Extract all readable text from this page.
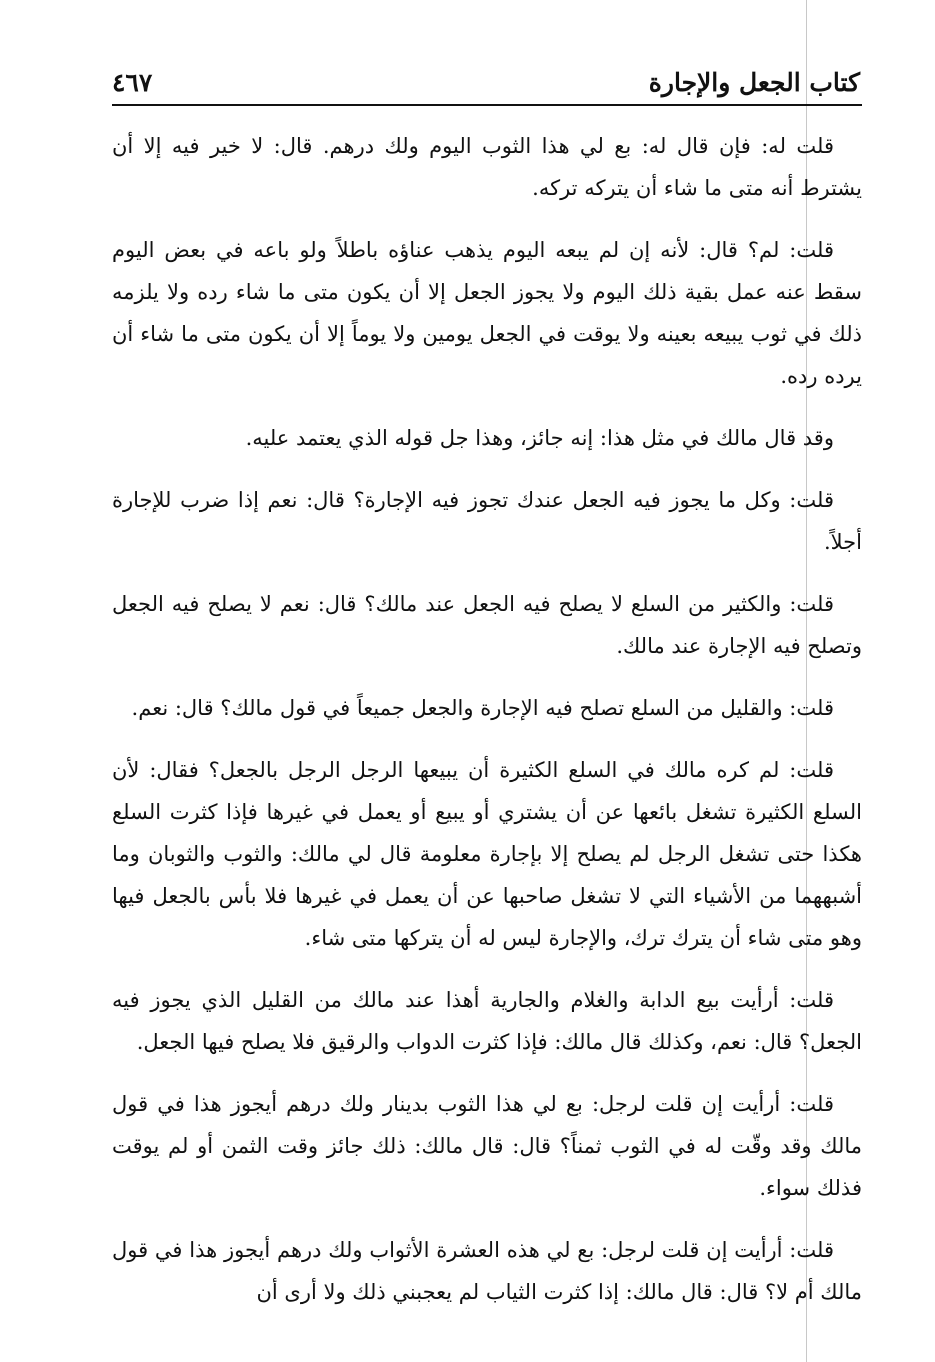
٤٦٧	كتاب الجعل والإجارة

قلت له: فإن قال له: بع لي هذا الثوب اليوم ولك درهم. قال: لا خير فيه إلا أن يشترط أنه متى ما شاء أن يتركه تركه.

قلت: لم؟ قال: لأنه إن لم يبعه اليوم يذهب عناؤه باطلاً ولو باعه في بعض اليوم سقط عنه عمل بقية ذلك اليوم ولا يجوز الجعل إلا أن يكون متى ما شاء رده ولا يلزمه ذلك في ثوب يبيعه بعينه ولا يوقت في الجعل يومين ولا يوماً إلا أن يكون متى ما شاء أن يرده رده.

وقد قال مالك في مثل هذا: إنه جائز، وهذا جل قوله الذي يعتمد عليه.

قلت: وكل ما يجوز فيه الجعل عندك تجوز فيه الإجارة؟ قال: نعم إذا ضرب للإجارة أجلاً.

قلت: والكثير من السلع لا يصلح فيه الجعل عند مالك؟ قال: نعم لا يصلح فيه الجعل وتصلح فيه الإجارة عند مالك.

قلت: والقليل من السلع تصلح فيه الإجارة والجعل جميعاً في قول مالك؟ قال: نعم.

قلت: لم كره مالك في السلع الكثيرة أن يبيعها الرجل الرجل بالجعل؟ فقال: لأن السلع الكثيرة تشغل بائعها عن أن يشتري أو يبيع أو يعمل في غيرها فإذا كثرت السلع هكذا حتى تشغل الرجل لم يصلح إلا بإجارة معلومة قال لي مالك: والثوب والثوبان وما أشبههما من الأشياء التي لا تشغل صاحبها عن أن يعمل في غيرها فلا بأس بالجعل فيها وهو متى شاء أن يترك ترك، والإجارة ليس له أن يتركها متى شاء.

قلت: أرأيت بيع الدابة والغلام والجارية أهذا عند مالك من القليل الذي يجوز فيه الجعل؟ قال: نعم، وكذلك قال مالك: فإذا كثرت الدواب والرقيق فلا يصلح فيها الجعل.

قلت: أرأيت إن قلت لرجل: بع لي هذا الثوب بدينار ولك درهم أيجوز هذا في قول مالك وقد وقّت له في الثوب ثمناً؟ قال: قال مالك: ذلك جائز وقت الثمن أو لم يوقت فذلك سواء.

قلت: أرأيت إن قلت لرجل: بع لي هذه العشرة الأثواب ولك درهم أيجوز هذا في قول مالك أم لا؟ قال: قال مالك: إذا كثرت الثياب لم يعجبني ذلك ولا أرى أن
